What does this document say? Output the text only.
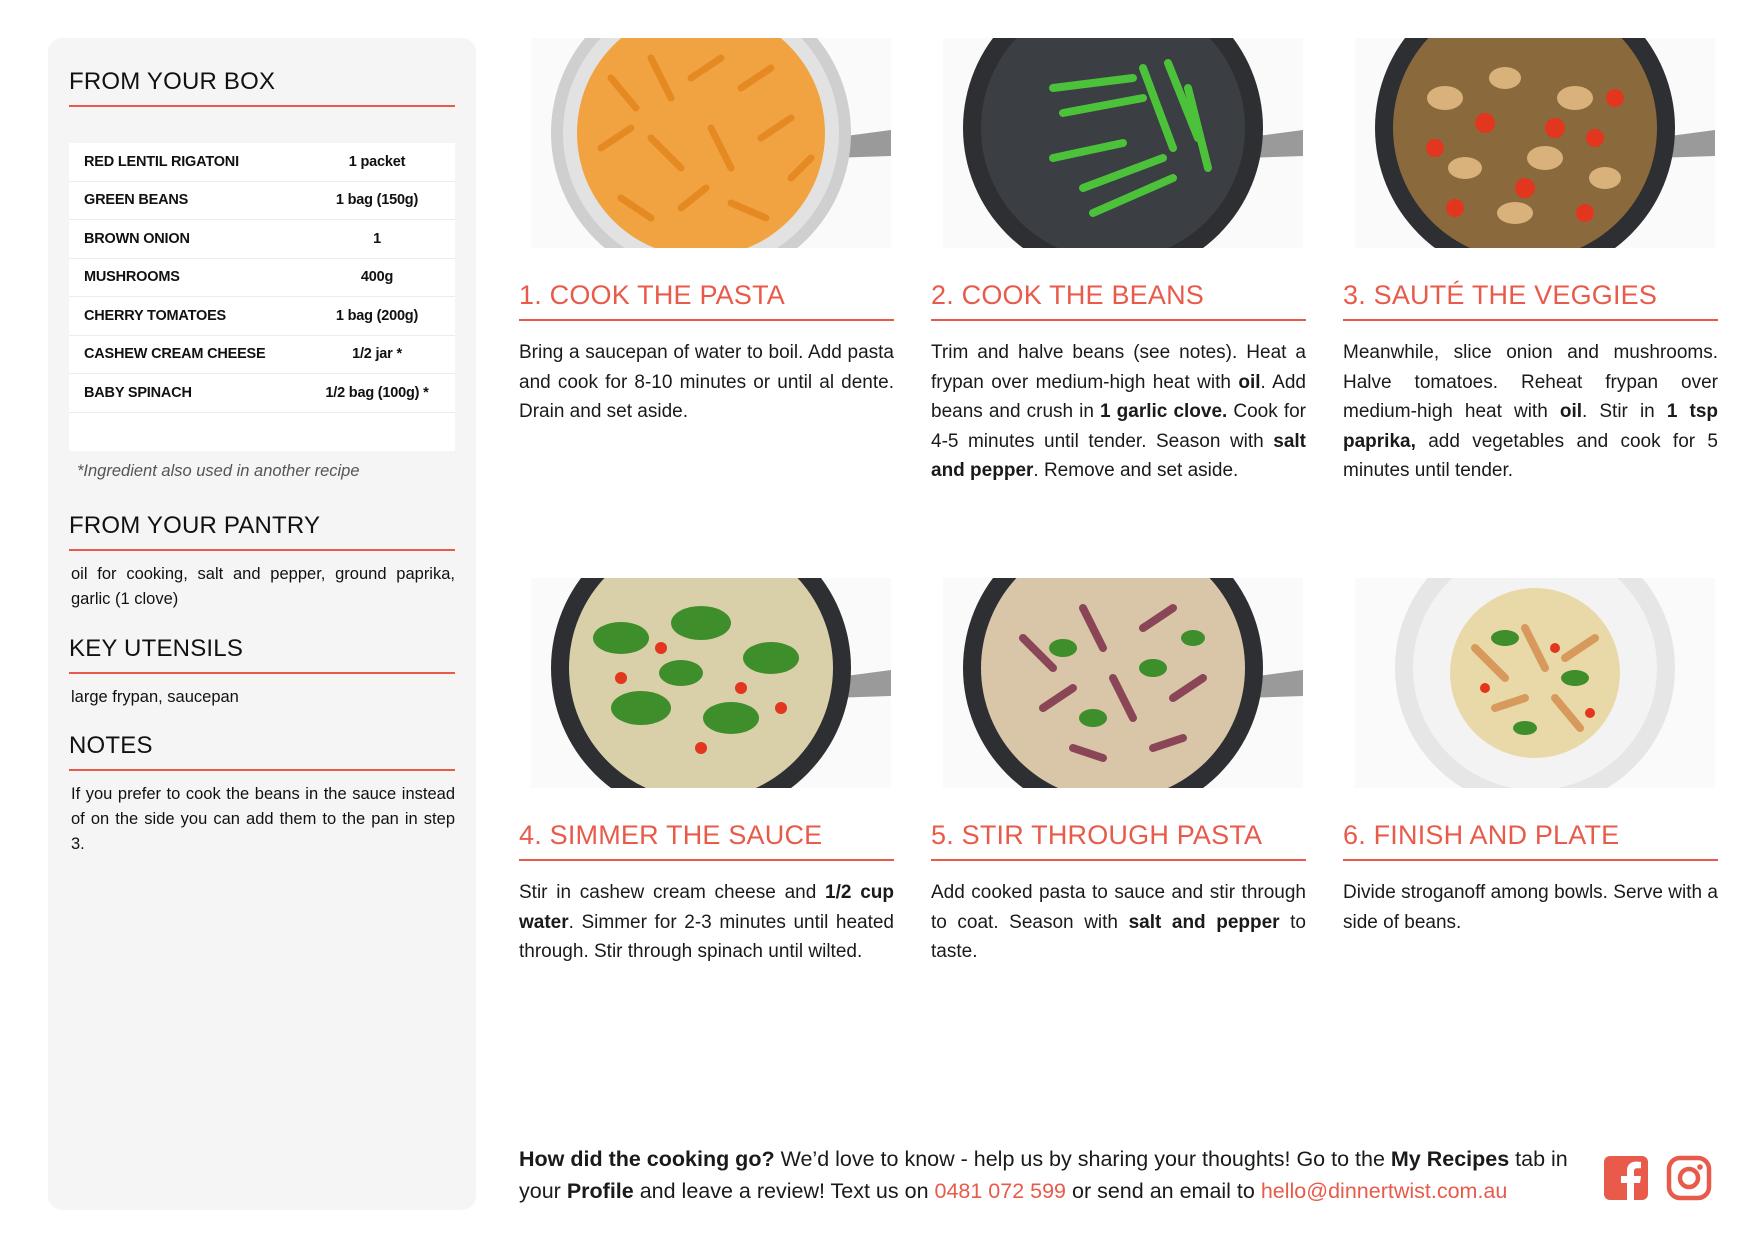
FROM YOUR BOX
RED LENTIL RIGATONI	1 packet
GREEN BEANS	1 bag (150g)
BROWN ONION	1
MUSHROOMS	400g
CHERRY TOMATOES	1 bag (200g)
CASHEW CREAM CHEESE	1/2 jar *
BABY SPINACH	1/2 bag (100g) *
*Ingredient also used in another recipe
FROM YOUR PANTRY
oil for cooking, salt and pepper, ground paprika, garlic (1 clove)
KEY UTENSILS
large frypan, saucepan
NOTES
If you prefer to cook the beans in the sauce instead of on the side you can add them to the pan in step 3.
1. COOK THE PASTA
Bring a saucepan of water to boil. Add pasta and cook for 8-10 minutes or until al dente. Drain and set aside.
2. COOK THE BEANS
Trim and halve beans (see notes). Heat a frypan over medium-high heat with oil. Add beans and crush in 1 garlic clove. Cook for 4-5 minutes until tender. Season with salt and pepper. Remove and set aside.
3. SAUTÉ THE VEGGIES
Meanwhile, slice onion and mushrooms. Halve tomatoes. Reheat frypan over medium-high heat with oil. Stir in 1 tsp paprika, add vegetables and cook for 5 minutes until tender.
4. SIMMER THE SAUCE
Stir in cashew cream cheese and 1/2 cup water. Simmer for 2-3 minutes until heated through. Stir through spinach until wilted.
5. STIR THROUGH PASTA
Add cooked pasta to sauce and stir through to coat. Season with salt and pepper to taste.
6. FINISH AND PLATE
Divide stroganoff among bowls. Serve with a side of beans.
How did the cooking go? We’d love to know - help us by sharing your thoughts! Go to the My Recipes tab in your Profile and leave a review! Text us on 0481 072 599 or send an email to hello@dinnertwist.com.au
